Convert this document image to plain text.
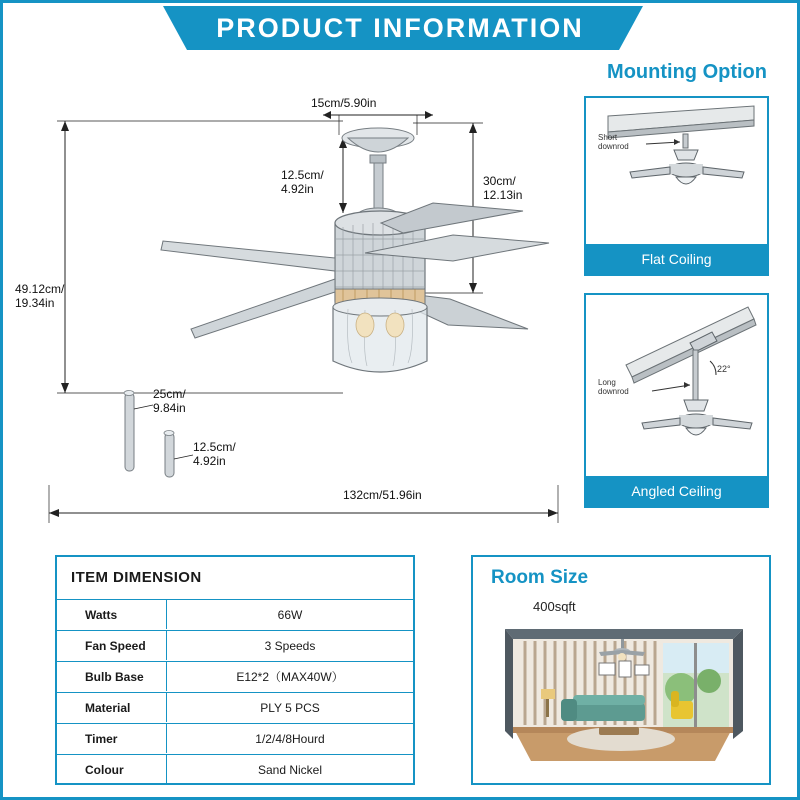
PRODUCT INFORMATION
Mounting Option
Short
downrod
Flat Coiling
Long
downrod
22°
Angled Ceiling
15cm/5.90in
12.5cm/
4.92in
30cm/
12.13in
49.12cm/
19.34in
25cm/
9.84in
12.5cm/
4.92in
132cm/51.96in
ITEM DIMENSION
Watts	66W
Fan Speed	3 Speeds
Bulb Base	E12*2（MAX40W）
Material	PLY 5 PCS
Timer	1/2/4/8Hourd
Colour	Sand Nickel
Room Size
400sqft
